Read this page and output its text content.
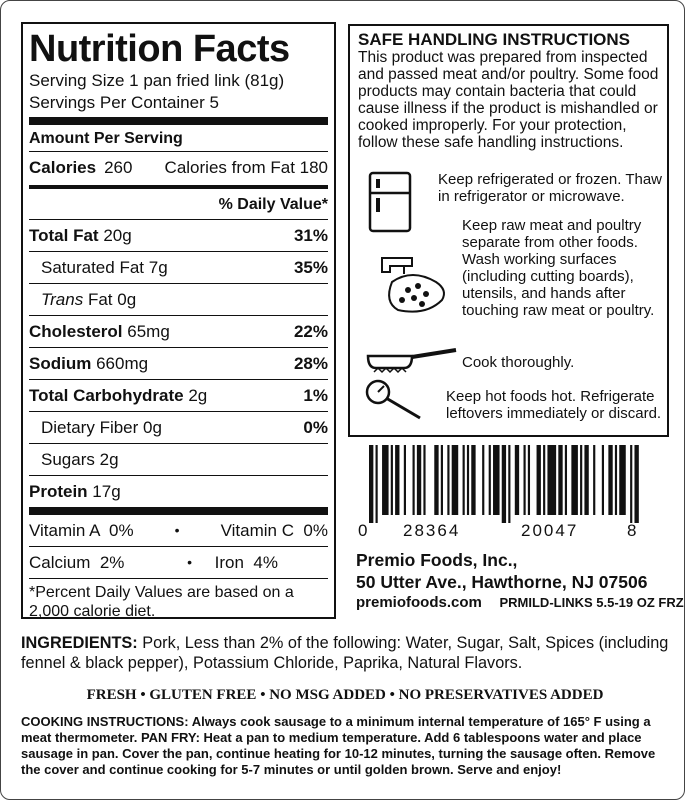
Nutrition Facts
Serving Size 1 pan fried link (81g)
Servings Per Container 5
Amount Per Serving
Calories 260 Calories from Fat 180
% Daily Value*
Total Fat 20g	31%
Saturated Fat 7g	35%
Trans Fat 0g
Cholesterol 65mg	22%
Sodium 660mg	28%
Total Carbohydrate 2g	1%
Dietary Fiber 0g	0%
Sugars 2g
Protein 17g
Vitamin A  0%	• Vitamin C  0%
Calcium  2%	• Iron  4%
*Percent Daily Values are based on a 2,000 calorie diet.
SAFE HANDLING INSTRUCTIONS
This product was prepared from inspected and passed meat and/or poultry. Some food products may contain bacteria that could cause illness if the product is mishandled or cooked improperly. For your protection, follow these safe handling instructions.
Keep refrigerated or frozen. Thaw in refrigerator or microwave.
Keep raw meat and poultry separate from other foods. Wash working surfaces (including cutting boards), utensils, and hands after touching raw meat or poultry.
Cook thoroughly.
Keep hot foods hot. Refrigerate leftovers immediately or discard.
0 28364	20047	8
Premio Foods, Inc.,
50 Utter Ave., Hawthorne, NJ 07506
premiofoods.com PRMILD-LINKS 5.5-19 OZ FRZ
INGREDIENTS: Pork, Less than 2% of the following: Water, Sugar, Salt, Spices (including fennel & black pepper), Potassium Chloride, Paprika, Natural Flavors.
FRESH • GLUTEN FREE • NO MSG ADDED • NO PRESERVATIVES ADDED
COOKING INSTRUCTIONS: Always cook sausage to a minimum internal temperature of 165° F using a meat thermometer. PAN FRY: Heat a pan to medium temperature. Add 6 tablespoons water and place sausage in pan. Cover the pan, continue heating for 10-12 minutes, turning the sausage often. Remove the cover and continue cooking for 5-7 minutes or until golden brown. Serve and enjoy!
